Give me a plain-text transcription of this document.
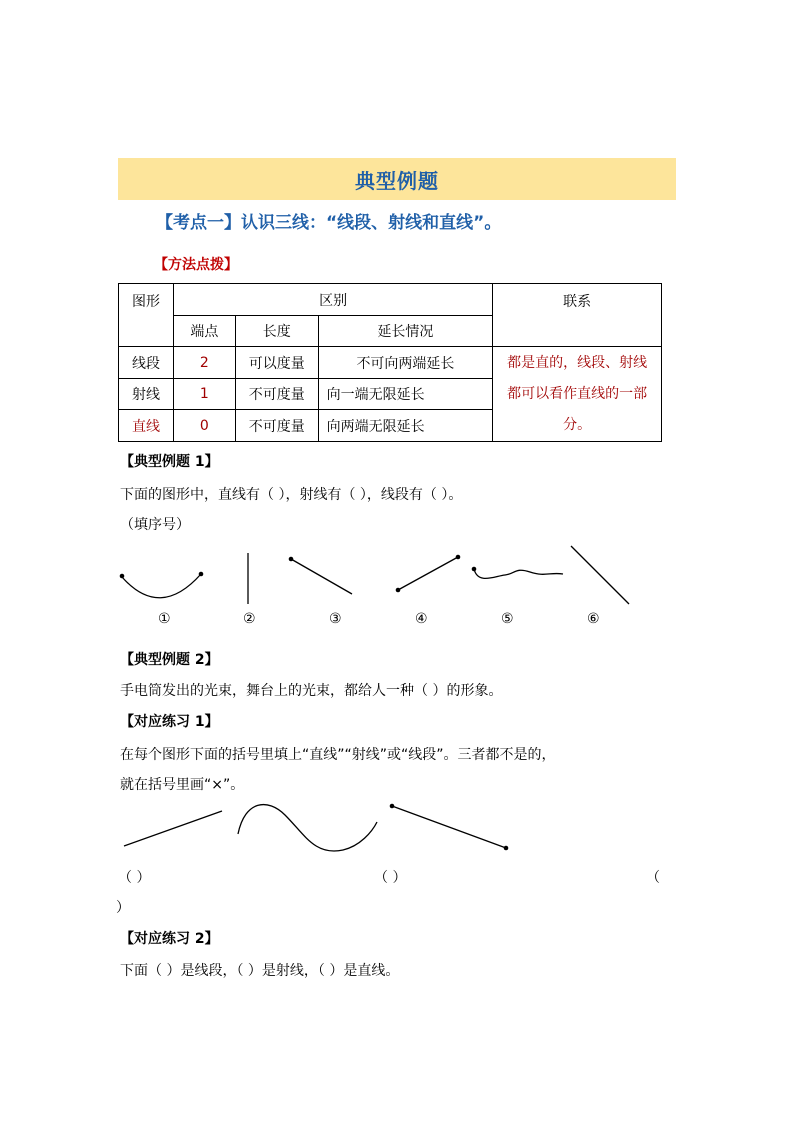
典型例题
【考点一】认识三线：“线段、射线和直线”。
【方法点拨】
图形	区别			联系
	端点	长度	延长情况	
线段	2	可以度量	不可向两端延长	都是直的，线段、射线都可以看作直线的一部分。

射线	1	不可度量	向一端无限延长	
直线	0	不可度量	向两端无限延长	
【典型例题 1】
下面的图形中，直线有（ ），射线有（ ），线段有（ ）。
（填序号）
①	②	③	④	⑤	⑥
【典型例题 2】
手电筒发出的光束，舞台上的光束，都给人一种（ ）的形象。
【对应练习 1】
在每个图形下面的括号里填上“直线”“射线”或“线段”。三者都不是的，
就在括号里画“×”。
（ ）	（ ）	（
）
【对应练习 2】
下面（ ）是线段，（ ）是射线，（ ）是直线。
